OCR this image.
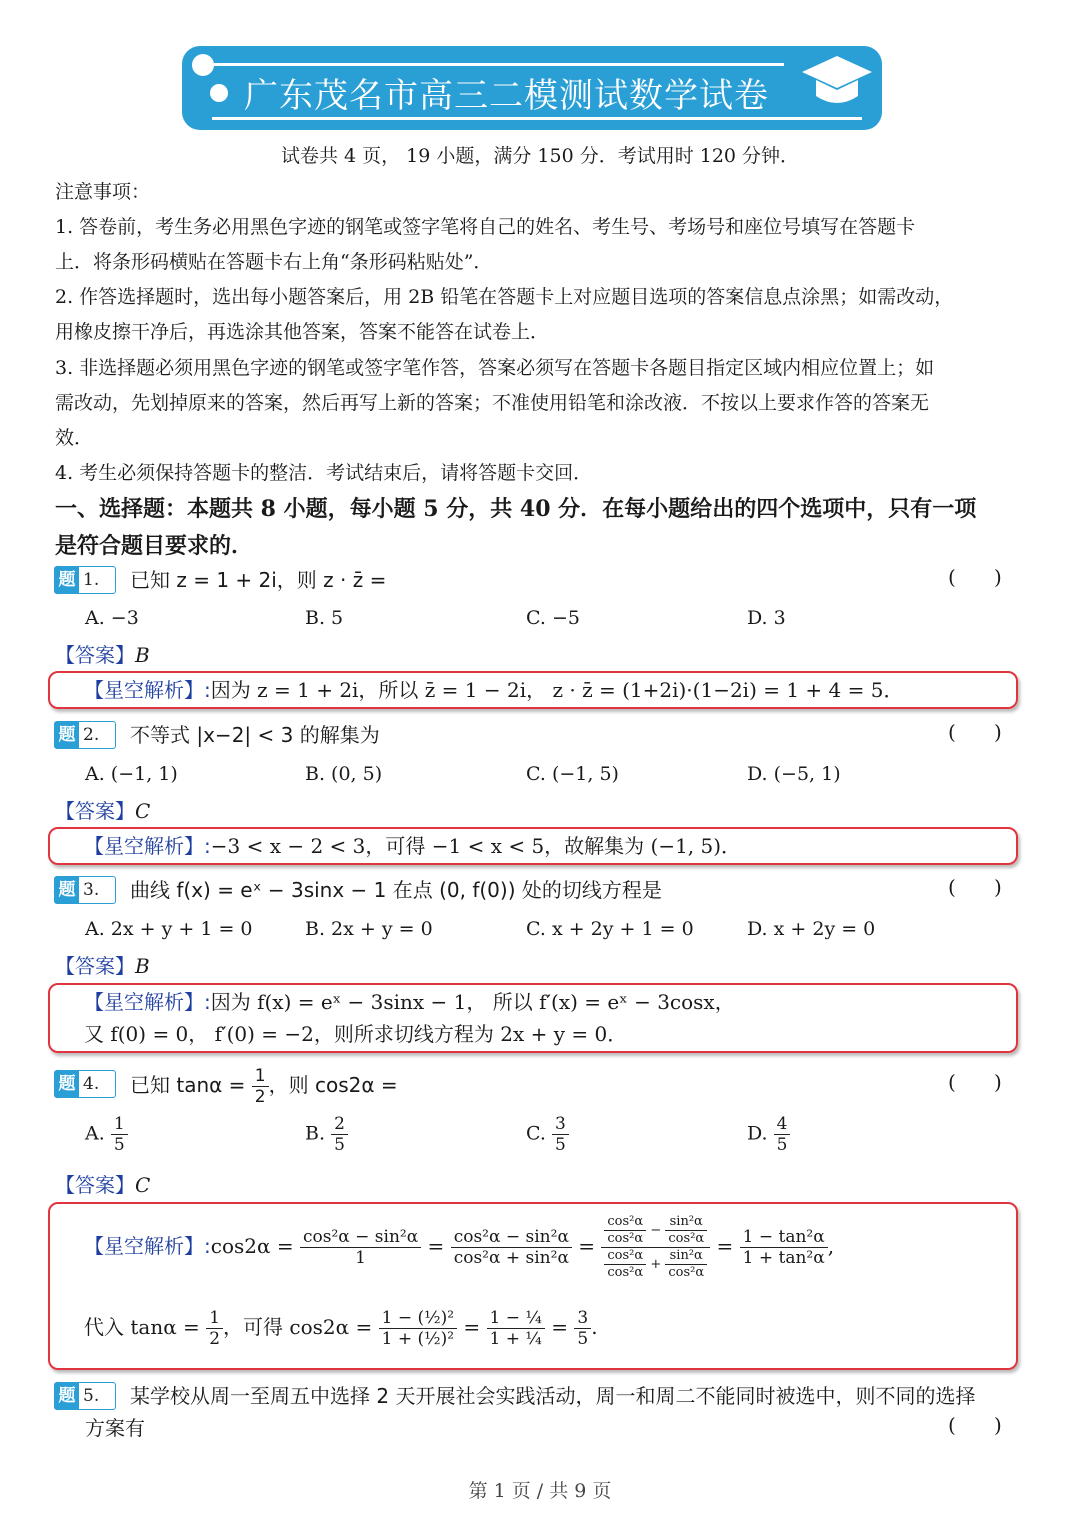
广东茂名市高三二模测试数学试卷
试卷共 4 页， 19 小题，满分 150 分．考试用时 120 分钟．
注意事项：
1. 答卷前，考生务必用黑色字迹的钢笔或签字笔将自己的姓名、考生号、考场号和座位号填写在答题卡
上．将条形码横贴在答题卡右上角“条形码粘贴处”．
2. 作答选择题时，选出每小题答案后，用 2B 铅笔在答题卡上对应题目选项的答案信息点涂黑；如需改动，
用橡皮擦干净后，再选涂其他答案，答案不能答在试卷上．
3. 非选择题必须用黑色字迹的钢笔或签字笔作答，答案必须写在答题卡各题目指定区域内相应位置上；如
需改动，先划掉原来的答案，然后再写上新的答案；不准使用铅笔和涂改液．不按以上要求作答的答案无
效．
4. 考生必须保持答题卡的整洁．考试结束后，请将答题卡交回．
一、选择题：本题共 8 小题，每小题 5 分，共 40 分．在每小题给出的四个选项中，只有一项
是符合题目要求的．
题 1. 已知 z = 1 + 2i，则 z · z̄ =	(      )
A. −3	B. 5	C. −5	D. 3
【答案】B
【星空解析】:因为 z = 1 + 2i，所以 z̄ = 1 − 2i， z · z̄ = (1+2i)·(1−2i) = 1 + 4 = 5．
题 2. 不等式 |x−2| < 3 的解集为	(      )
A. (−1, 1)	B. (0, 5)	C. (−1, 5)	D. (−5, 1)
【答案】C
【星空解析】:−3 < x − 2 < 3，可得 −1 < x < 5，故解集为 (−1, 5)．
题 3. 曲线 f(x) = eˣ − 3sinx − 1 在点 (0, f(0)) 处的切线方程是	(      )
A. 2x + y + 1 = 0	B. 2x + y = 0	C. x + 2y + 1 = 0	D. x + 2y = 0
【答案】B
【星空解析】:因为 f(x) = eˣ − 3sinx − 1， 所以 f′(x) = eˣ − 3cosx，
又 f(0) = 0， f′(0) = −2，则所求切线方程为 2x + y = 0．
题 4. 已知 $\tan\alpha = \frac{1}{2}$ ，则 cos2α =	(      )
A. $\frac{1}{5}$	B. $\frac{2}{5}$	C. $\frac{3}{5}$	D. $\frac{4}{5}$
【答案】C
【星空解析】:cos2α = $\frac{\text{cos²α − sin²α}}{1} = \frac{\text{cos²α − sin²α}}{\text{cos²α + sin²α}} = \frac{\frac{\text{cos²α}}{\text{cos²α}} - \frac{\text{sin²α}}{\text{cos²α}}}{\frac{\text{cos²α}}{\text{cos²α}} + \frac{\text{sin²α}}{\text{cos²α}}} = \frac{\text{1 − tan²α}}{\text{1 + tan²α}}$ ,
代入 $\tan\alpha = \frac{1}{2}$ ，可得 $\cos 2\alpha = \frac{\text{1 − (½)²}}{\text{1 + (½)²}} = \frac{\text{1 − ¼}}{\text{1 + ¼}} = \frac{3}{5}$ .
题 5. 某学校从周一至周五中选择 2 天开展社会实践活动，周一和周二不能同时被选中，则不同的选择
方案有	(      )
第 1 页 / 共 9 页
